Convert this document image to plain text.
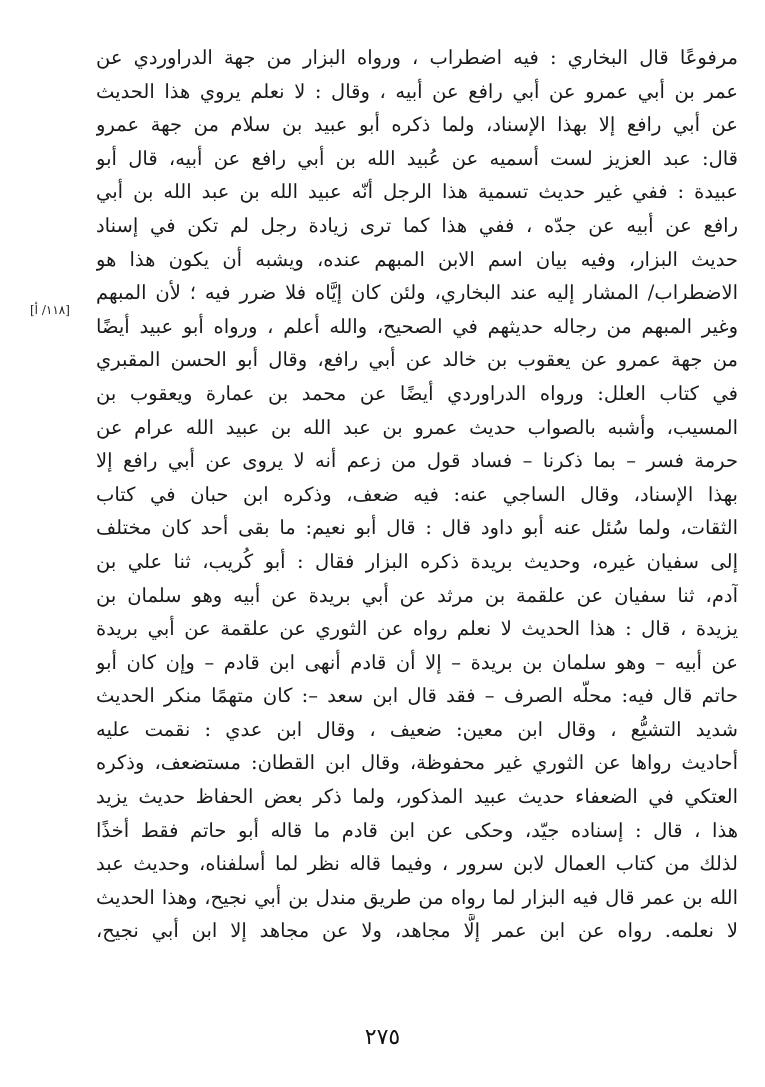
[١١٨/ أ]
مرفوعًا قال البخاري : فيه اضطراب ، ورواه البزار من جهة الدراوردي عن
عمر بن أبي عمرو عن أبي رافع عن أبيه ، وقال : لا نعلم يروي هذا الحديث
عن أبي رافع إلا بهذا الإسناد، ولما ذكره أبو عبيد بن سلام من جهة عمرو
قال: عبد العزيز لست أسميه عن عُبيد الله بن أبي رافع عن أبيه، قال أبو
عبيدة : ففي غير حديث تسمية هذا الرجل أنّه عبيد الله بن عبد الله بن أبي
رافع عن أبيه عن جدّه ، ففي هذا كما ترى زيادة رجل لم تكن في إسناد
حديث البزار، وفيه بيان اسم الابن المبهم عنده، ويشبه أن يكون هذا هو
الاضطراب/ المشار إليه عند البخاري، ولئن كان إيَّاه فلا ضرر فيه ؛ لأن المبهم
وغير المبهم من رجاله حديثهم في الصحيح، والله أعلم ، ورواه أبو عبيد أيضًا
من جهة عمرو عن يعقوب بن خالد عن أبي رافع، وقال أبو الحسن المقبري
في كتاب العلل: ورواه الدراوردي أيضًا عن محمد بن عمارة ويعقوب بن
المسيب، وأشبه بالصواب حديث عمرو بن عبد الله بن عبيد الله عرام عن
حرمة فسر – بما ذكرنا – فساد قول من زعم أنه لا يروى عن أبي رافع إلا
بهذا الإسناد، وقال الساجي عنه: فيه ضعف، وذكره ابن حبان في كتاب
الثقات، ولما سُئل عنه أبو داود قال : قال أبو نعيم: ما بقى أحد كان مختلف
إلى سفيان غيره، وحديث بريدة ذكره البزار فقال : أبو كُريب، ثنا علي بن
آدم، ثنا سفيان عن علقمة بن مرثد عن أبي بريدة عن أبيه وهو سلمان بن
يزيدة ، قال : هذا الحديث لا نعلم رواه عن الثوري عن علقمة عن أبي بريدة
عن أبيه – وهو سلمان بن بريدة – إلا أن قادم أنهى ابن قادم – وإن كان أبو
حاتم قال فيه: محلّه الصرف – فقد قال ابن سعد –: كان متهمًا منكر الحديث
شديد التشيُّع ، وقال ابن معين: ضعيف ، وقال ابن عدي : نقمت عليه
أحاديث رواها عن الثوري غير محفوظة، وقال ابن القطان: مستضعف، وذكره
العتكي في الضعفاء حديث عبيد المذكور، ولما ذكر بعض الحفاظ حديث يزيد
هذا ، قال : إسناده جيّد، وحكى عن ابن قادم ما قاله أبو حاتم فقط أخذًا
لذلك من كتاب العمال لابن سرور ، وفيما قاله نظر لما أسلفناه، وحديث عبد
الله بن عمر قال فيه البزار لما رواه من طريق مندل بن أبي نجيح، وهذا الحديث
لا نعلمه. رواه عن ابن عمر إلَّا مجاهد، ولا عن مجاهد إلا ابن أبي نجيح،
٢٧٥
